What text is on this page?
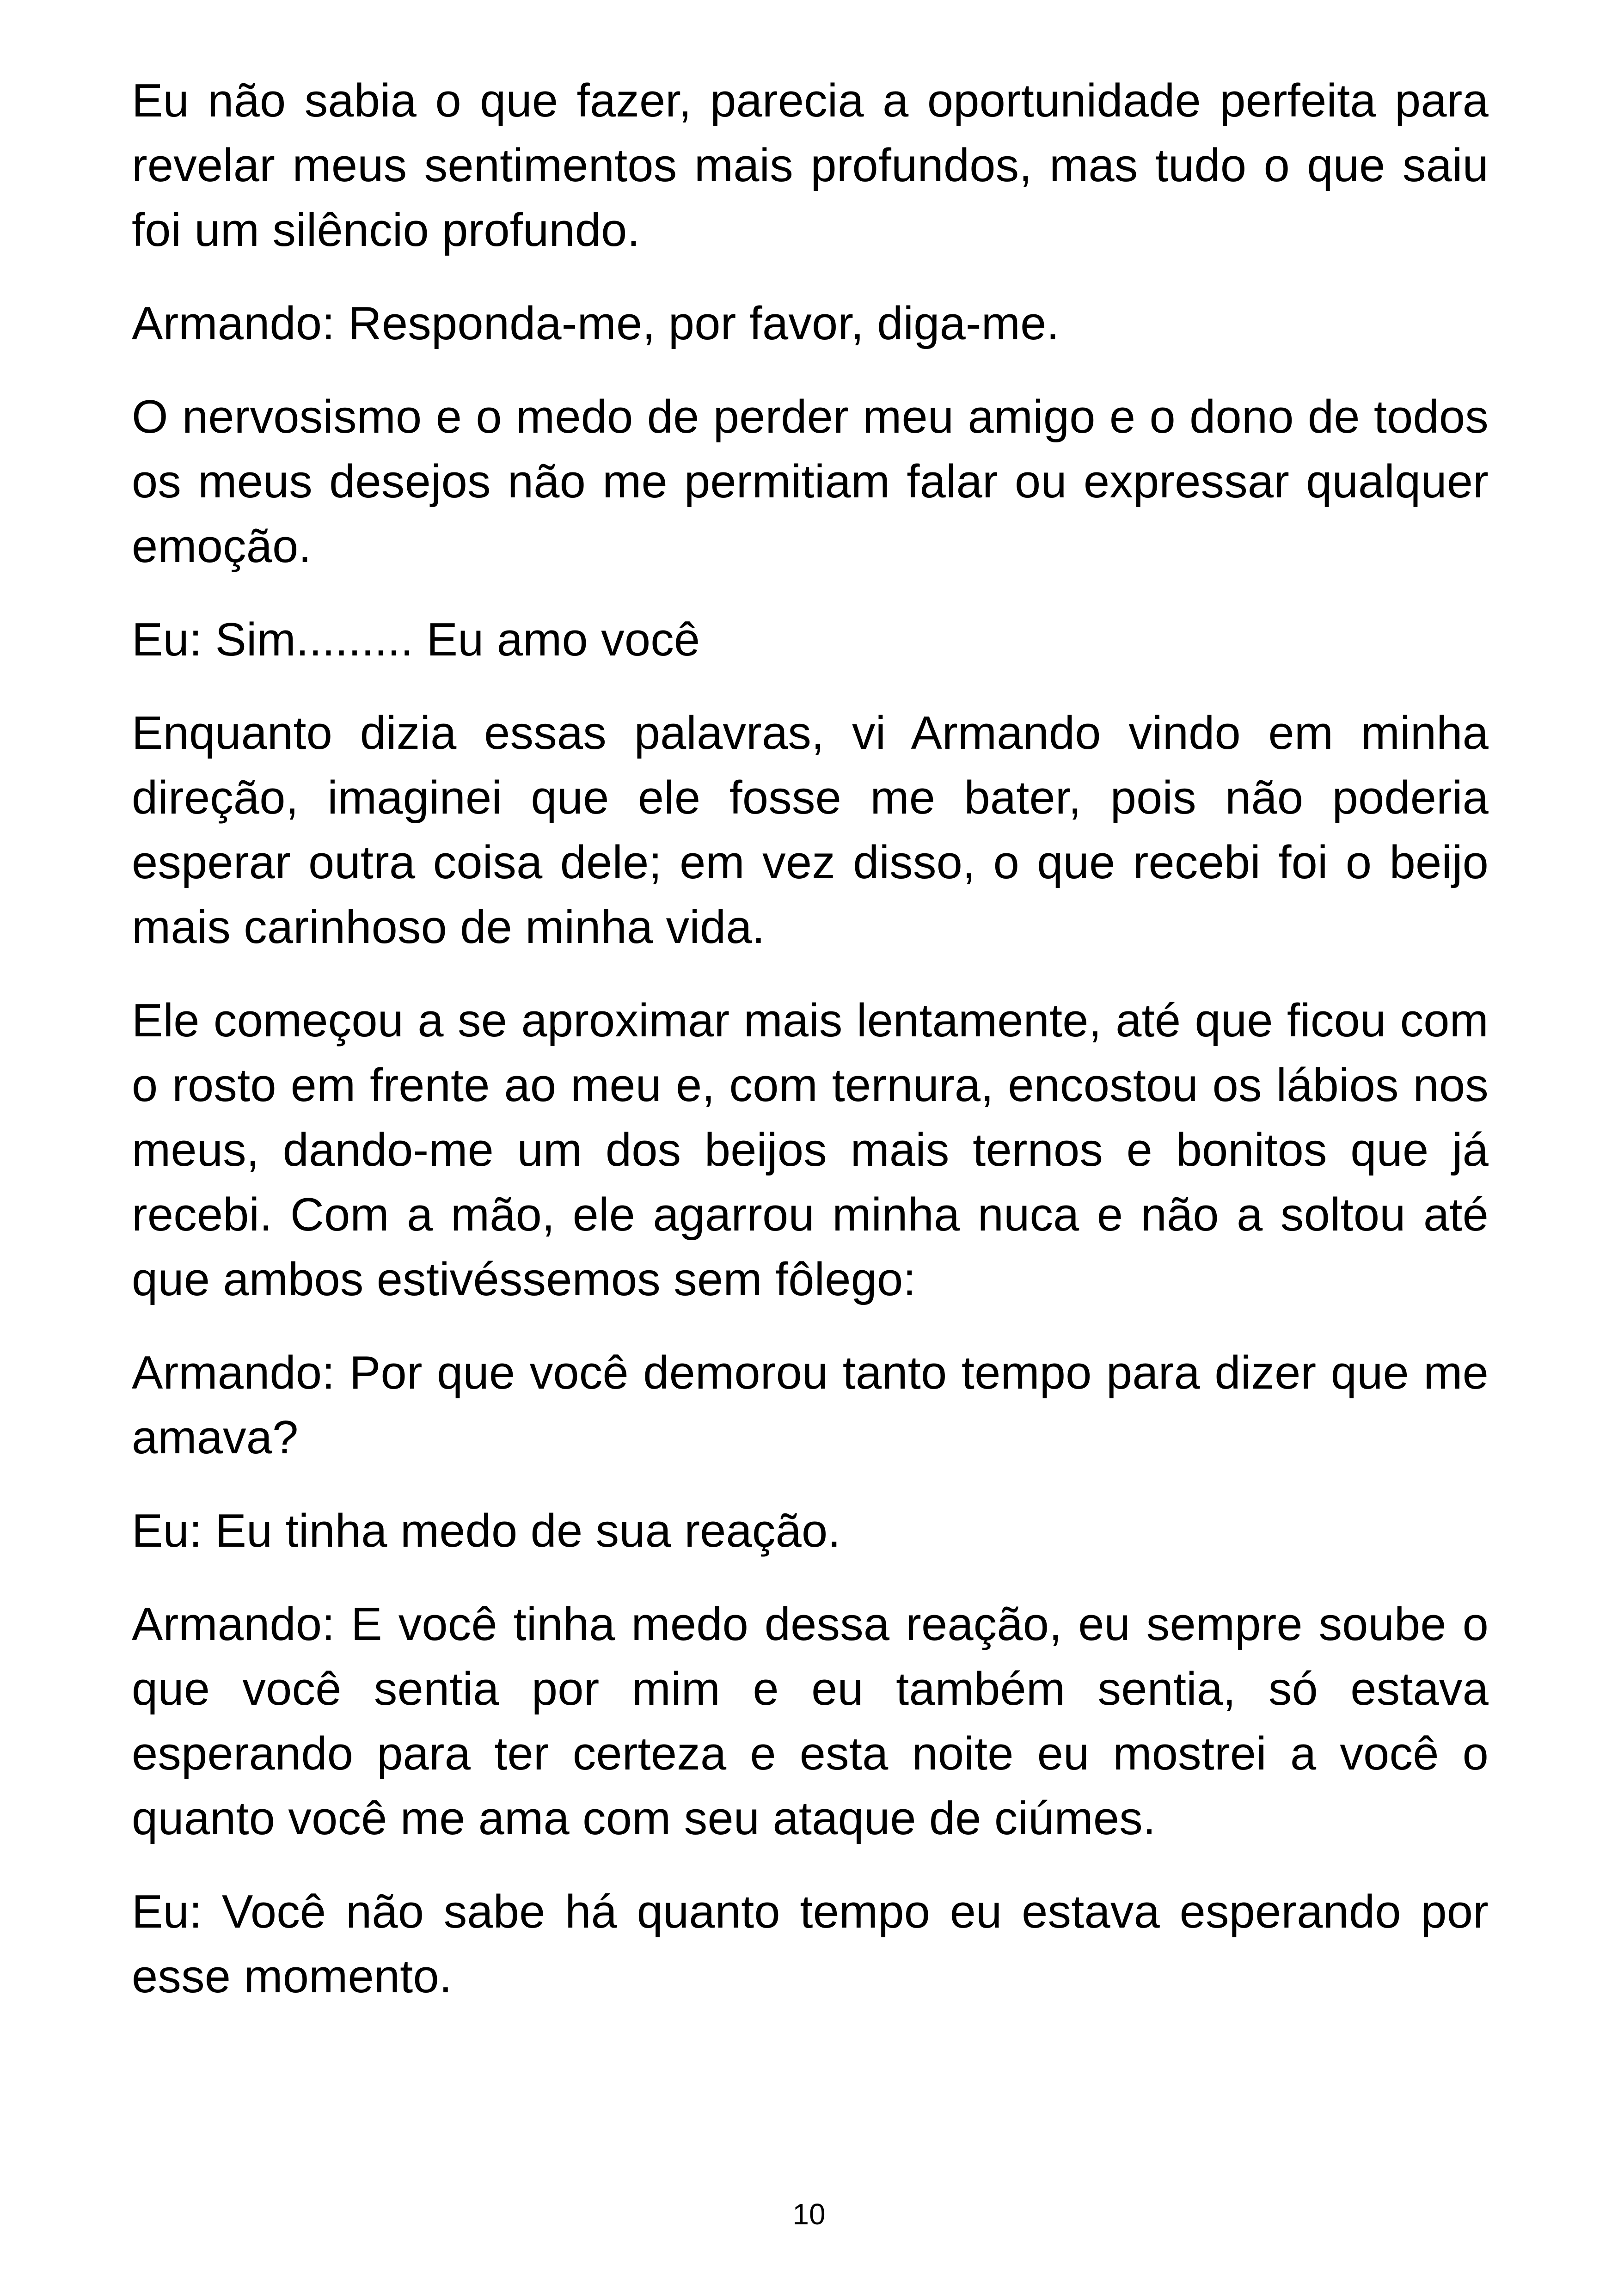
Eu não sabia o que fazer, parecia a oportunidade perfeita para revelar meus sentimentos mais profundos, mas tudo o que saiu foi um silêncio profundo.

Armando: Responda-me, por favor, diga-me.

O nervosismo e o medo de perder meu amigo e o dono de todos os meus desejos não me permitiam falar ou expressar qualquer emoção.

Eu: Sim......... Eu amo você

Enquanto dizia essas palavras, vi Armando vindo em minha direção, imaginei que ele fosse me bater, pois não poderia esperar outra coisa dele; em vez disso, o que recebi foi o beijo mais carinhoso de minha vida.

Ele começou a se aproximar mais lentamente, até que ficou com o rosto em frente ao meu e, com ternura, encostou os lábios nos meus, dando-me um dos beijos mais ternos e bonitos que já recebi. Com a mão, ele agarrou minha nuca e não a soltou até que ambos estivéssemos sem fôlego:

Armando: Por que você demorou tanto tempo para dizer que me amava?

Eu: Eu tinha medo de sua reação.

Armando: E você tinha medo dessa reação, eu sempre soube o que você sentia por mim e eu também sentia, só estava esperando para ter certeza e esta noite eu mostrei a você o quanto você me ama com seu ataque de ciúmes.

Eu: Você não sabe há quanto tempo eu estava esperando por esse momento.

10
